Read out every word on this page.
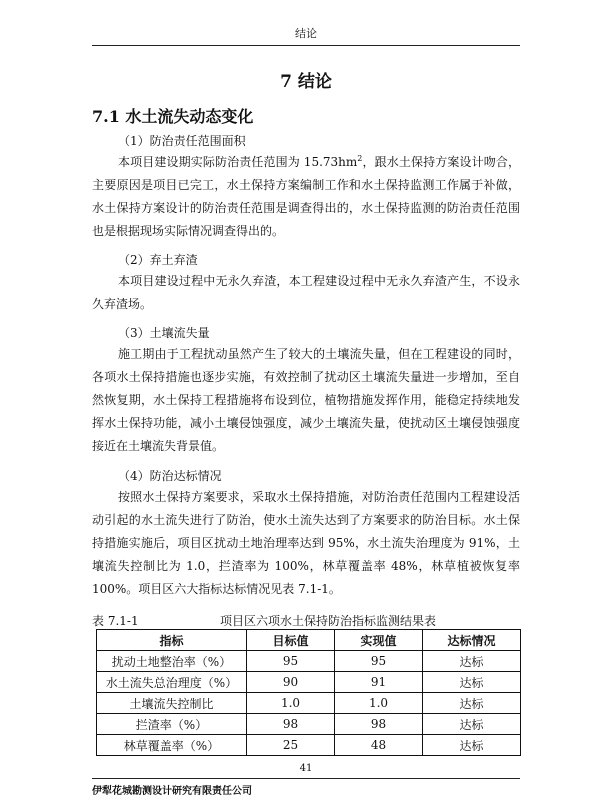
结论
7 结论
7.1 水土流失动态变化
（1）防治责任范围面积

本项目建设期实际防治责任范围为 $15.73hm^2$，跟水土保持方案设计吻合，主要原因是项目已完工，水土保持方案编制工作和水土保持监测工作属于补做，水土保持方案设计的防治责任范围是调查得出的，水土保持监测的防治责任范围也是根据现场实际情况调查得出的。

（2）弃土弃渣

本项目建设过程中无永久弃渣，本工程建设过程中无永久弃渣产生，不设永久弃渣场。

（3）土壤流失量

施工期由于工程扰动虽然产生了较大的土壤流失量，但在工程建设的同时，各项水土保持措施也逐步实施，有效控制了扰动区土壤流失量进一步增加，至自然恢复期，水土保持工程措施将布设到位，植物措施发挥作用，能稳定持续地发挥水土保持功能，减小土壤侵蚀强度，减少土壤流失量，使扰动区土壤侵蚀强度接近在土壤流失背景值。

（4）防治达标情况

按照水土保持方案要求，采取水土保持措施，对防治责任范围内工程建设活动引起的水土流失进行了防治，使水土流失达到了方案要求的防治目标。水土保持措施实施后，项目区扰动土地治理率达到 95%，水土流失治理度为 91%，土壤流失控制比为 1.0，拦渣率为 100%，林草覆盖率 48%，林草植被恢复率 100%。项目区六大指标达标情况见表 7.1-1。

表 7.1-1	项目区六项水土保持防治指标监测结果表
指标	目标值	实现值	达标情况
扰动土地整治率（%）	95	95	达标
水土流失总治理度（%）	90	91	达标
土壤流失控制比	1.0	1.0	达标
拦渣率（%）	98	98	达标
林草覆盖率（%）	25	48	达标
41
伊犁花城勘测设计研究有限责任公司
